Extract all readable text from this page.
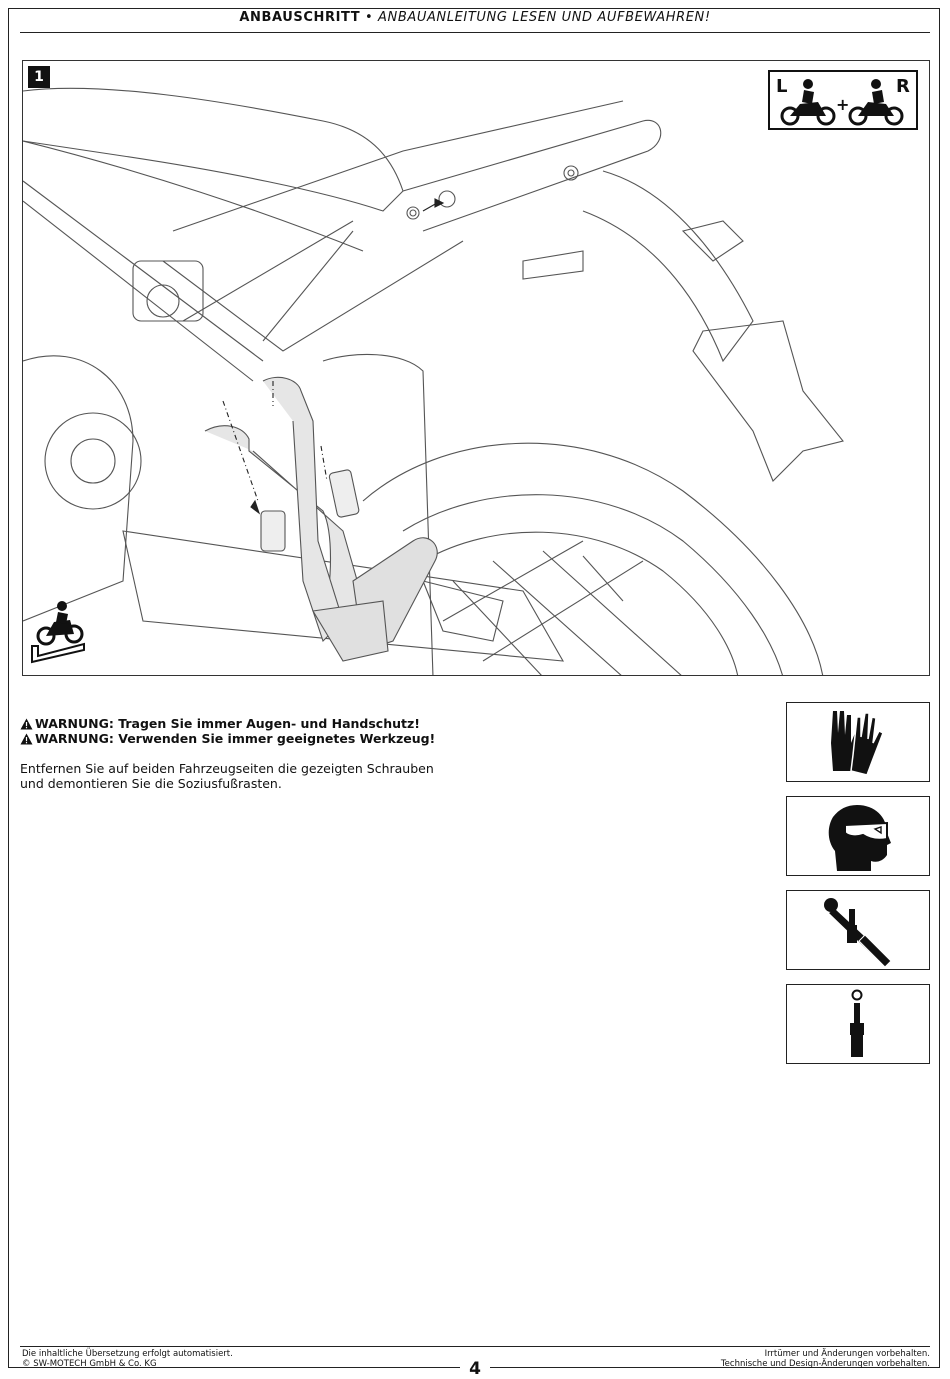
ANBAUSCHRITT • ANBAUANLEITUNG LESEN UND AUFBEWAHREN!
1	L	R
+
WARNUNG: Tragen Sie immer Augen- und Handschutz!
WARNUNG: Verwenden Sie immer geeignetes Werkzeug!
Entfernen Sie auf beiden Fahrzeugseiten die gezeigten Schrauben und demontieren Sie die Soziusfußrasten.
Die inhaltliche Übersetzung erfolgt automatisiert.
© SW-MOTECH GmbH & Co. KG
Irrtümer und Änderungen vorbehalten.
Technische und Design-Änderungen vorbehalten.
4
